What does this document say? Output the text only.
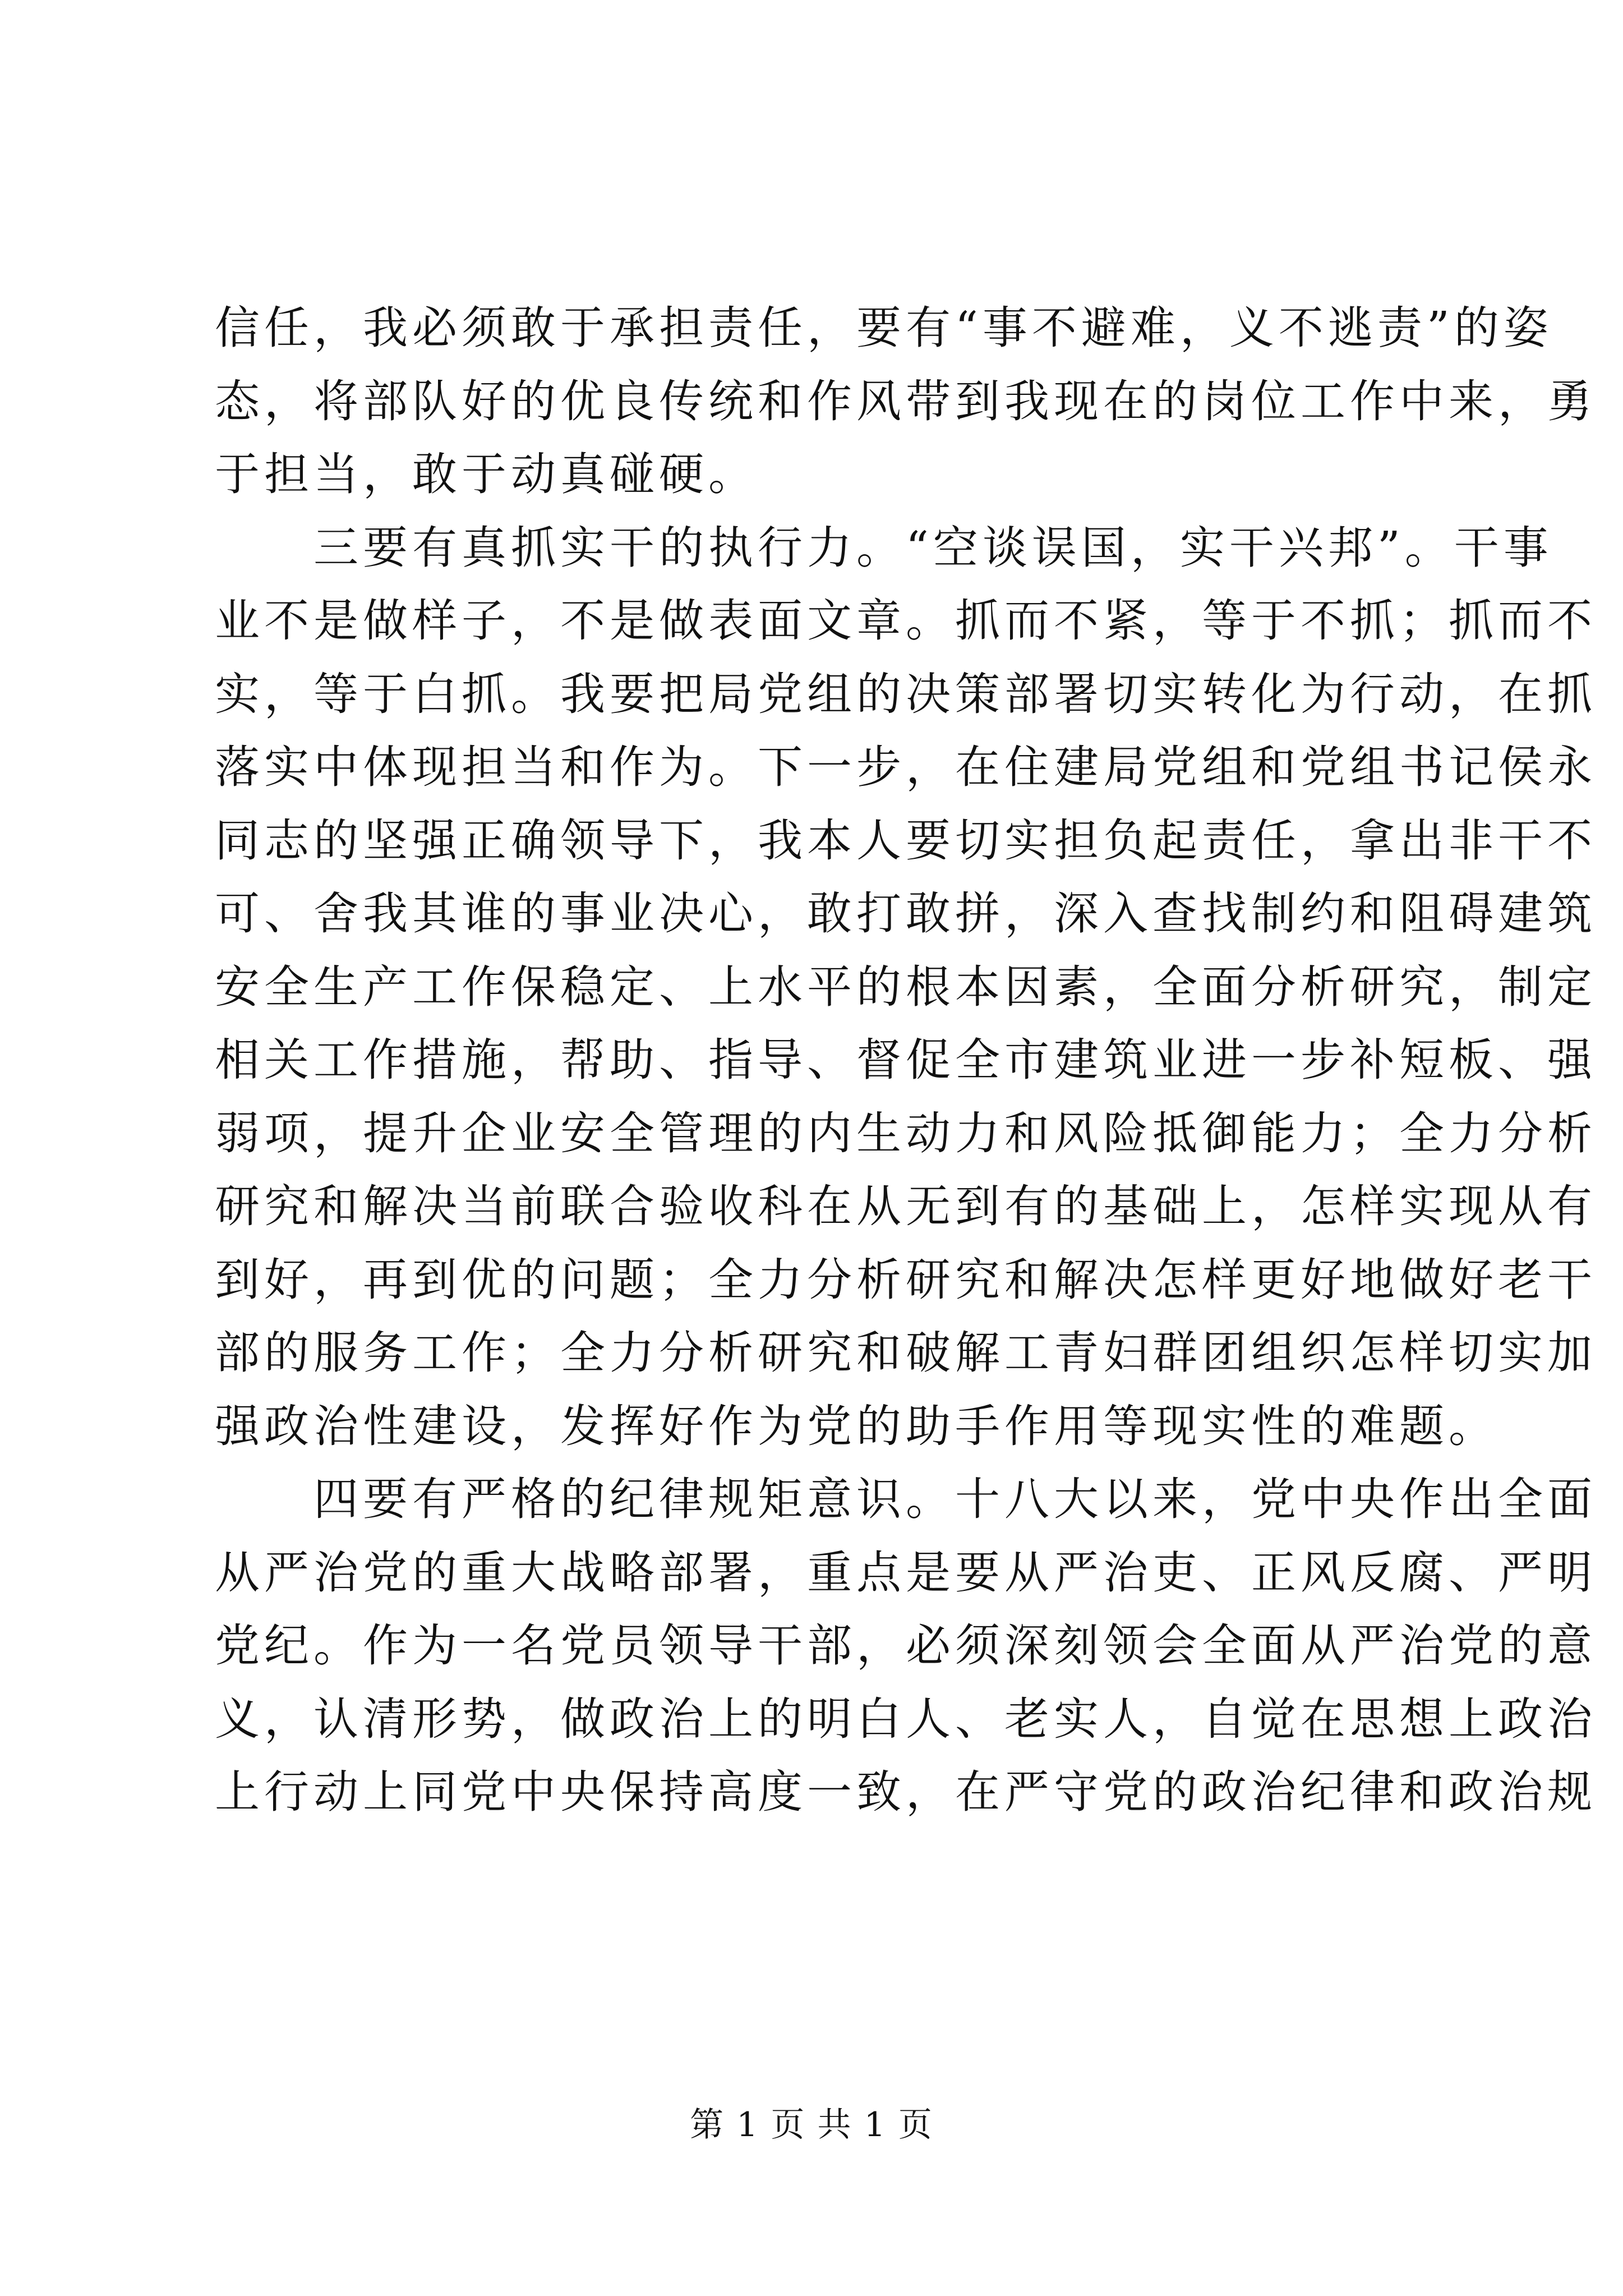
信任，我必须敢于承担责任，要有“事不避难，义不逃责”的姿
态，将部队好的优良传统和作风带到我现在的岗位工作中来，勇
于担当，敢于动真碰硬。
三要有真抓实干的执行力。“空谈误国，实干兴邦”。干事
业不是做样子，不是做表面文章。抓而不紧，等于不抓；抓而不
实，等于白抓。我要把局党组的决策部署切实转化为行动，在抓
落实中体现担当和作为。下一步，在住建局党组和党组书记侯永
同志的坚强正确领导下，我本人要切实担负起责任，拿出非干不
可、舍我其谁的事业决心，敢打敢拼，深入查找制约和阻碍建筑
安全生产工作保稳定、上水平的根本因素，全面分析研究，制定
相关工作措施，帮助、指导、督促全市建筑业进一步补短板、强
弱项，提升企业安全管理的内生动力和风险抵御能力；全力分析
研究和解决当前联合验收科在从无到有的基础上，怎样实现从有
到好，再到优的问题；全力分析研究和解决怎样更好地做好老干
部的服务工作；全力分析研究和破解工青妇群团组织怎样切实加
强政治性建设，发挥好作为党的助手作用等现实性的难题。
四要有严格的纪律规矩意识。十八大以来，党中央作出全面
从严治党的重大战略部署，重点是要从严治吏、正风反腐、严明
党纪。作为一名党员领导干部，必须深刻领会全面从严治党的意
义，认清形势，做政治上的明白人、老实人，自觉在思想上政治
上行动上同党中央保持高度一致，在严守党的政治纪律和政治规
第 1 页 共 1 页
